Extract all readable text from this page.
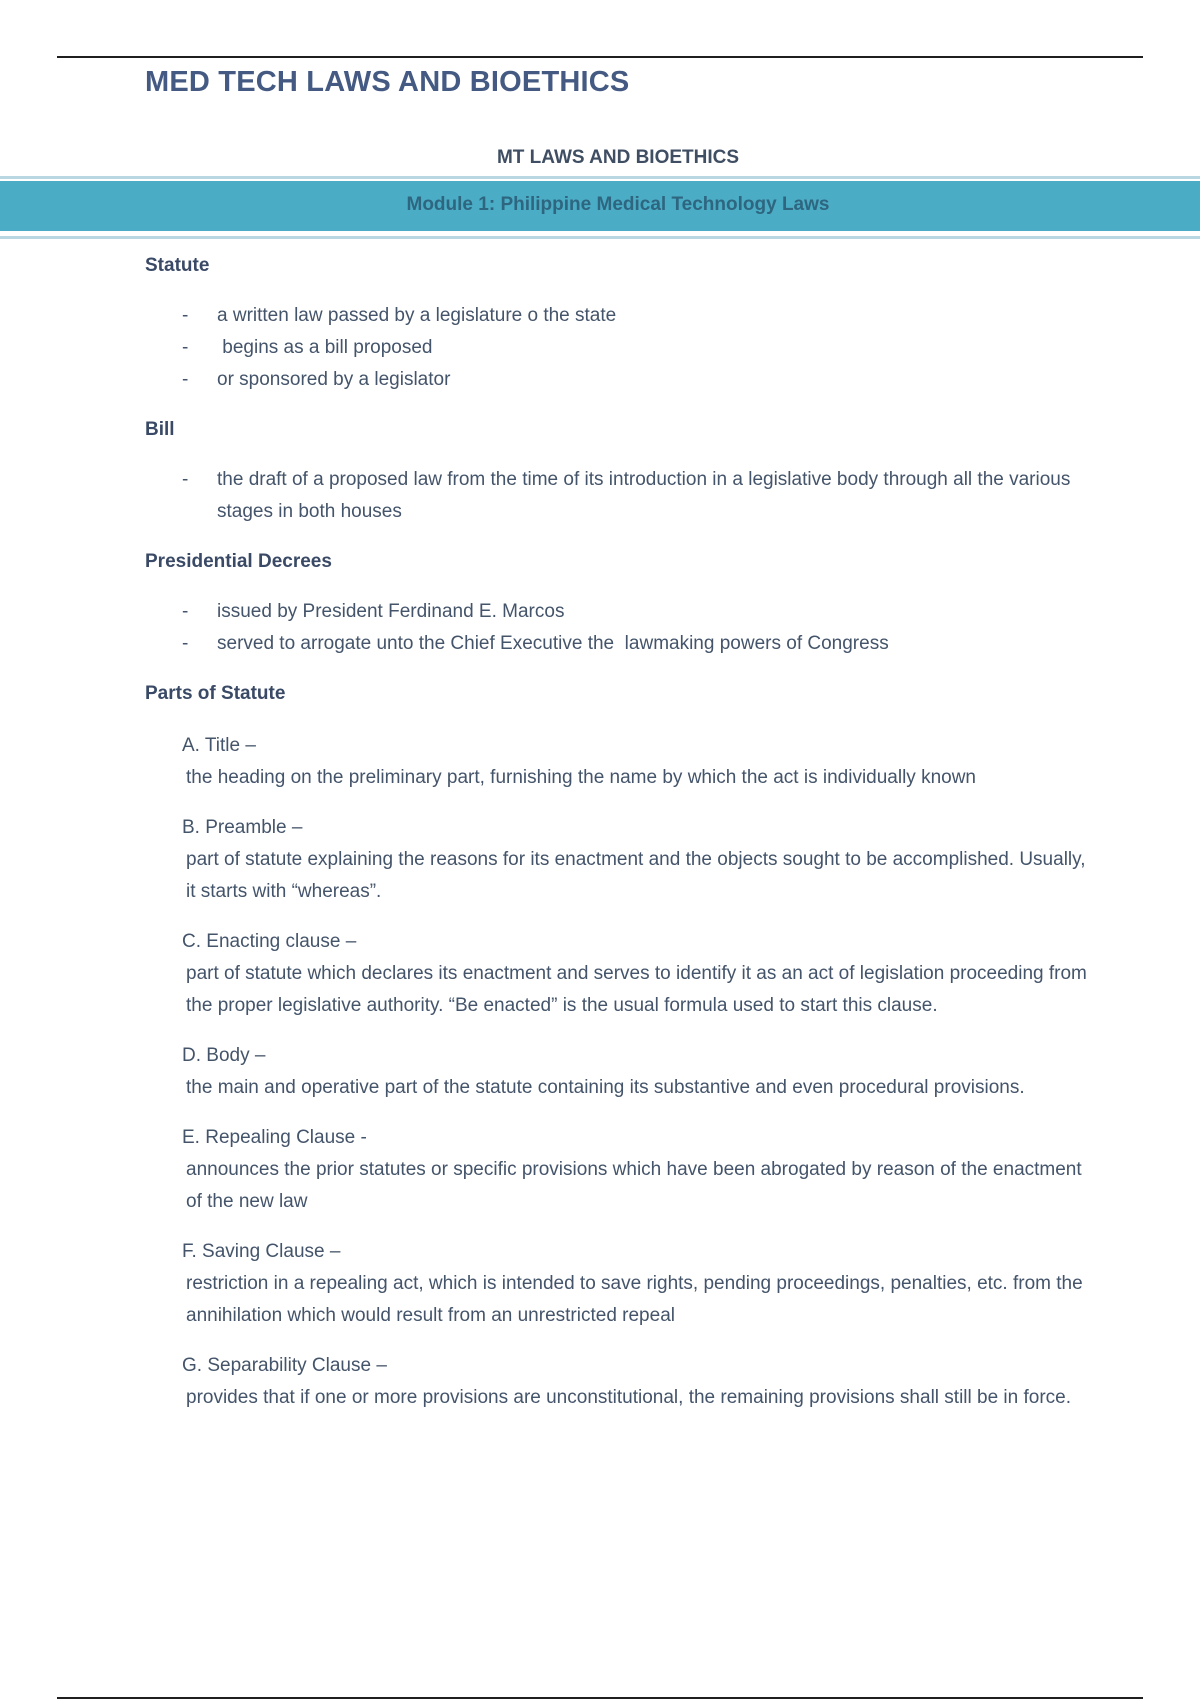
MED TECH LAWS AND BIOETHICS
MT LAWS AND BIOETHICS
Module 1: Philippine Medical Technology Laws
Statute
-	a written law passed by a legislature o the state
-	begins as a bill proposed
-	or sponsored by a legislator
Bill
-	the draft of a proposed law from the time of its introduction in a legislative body through all the various stages in both houses
Presidential Decrees
-	issued by President Ferdinand E. Marcos
-	served to arrogate unto the Chief Executive the  lawmaking powers of Congress
Parts of Statute
A. Title –
the heading on the preliminary part, furnishing the name by which the act is individually known
B. Preamble –
part of statute explaining the reasons for its enactment and the objects sought to be accomplished. Usually, it starts with “whereas”.
C. Enacting clause –
part of statute which declares its enactment and serves to identify it as an act of legislation proceeding from the proper legislative authority. “Be enacted” is the usual formula used to start this clause.
D. Body –
the main and operative part of the statute containing its substantive and even procedural provisions.
E. Repealing Clause -
announces the prior statutes or specific provisions which have been abrogated by reason of the enactment of the new law
F. Saving Clause –
restriction in a repealing act, which is intended to save rights, pending proceedings, penalties, etc. from the annihilation which would result from an unrestricted repeal
G. Separability Clause –
provides that if one or more provisions are unconstitutional, the remaining provisions shall still be in force.
